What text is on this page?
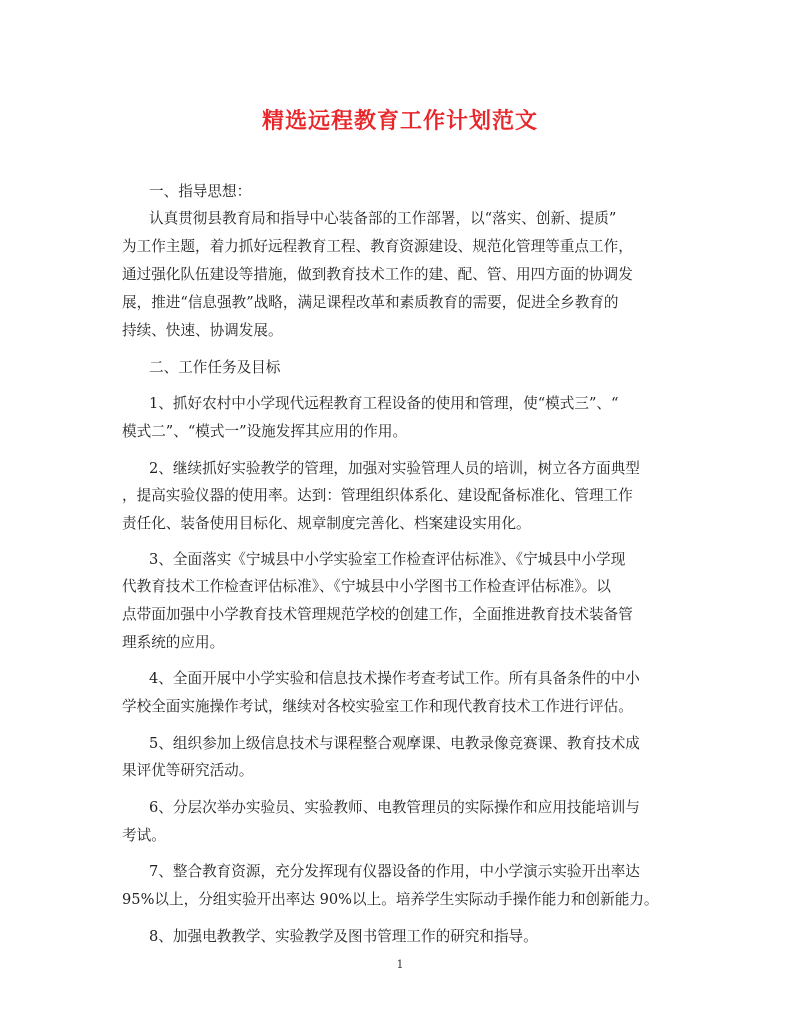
精选远程教育工作计划范文
一、指导思想：
认真贯彻县教育局和指导中心装备部的工作部署，以“落实、创新、提质”
为工作主题，着力抓好远程教育工程、教育资源建设、规范化管理等重点工作，
通过强化队伍建设等措施，做到教育技术工作的建、配、管、用四方面的协调发
展，推进“信息强教”战略，满足课程改革和素质教育的需要，促进全乡教育的
持续、快速、协调发展。
二、工作任务及目标
1、抓好农村中小学现代远程教育工程设备的使用和管理，使“模式三”、“
模式二”、“模式一”设施发挥其应用的作用。
2、继续抓好实验教学的管理，加强对实验管理人员的培训，树立各方面典型
，提高实验仪器的使用率。达到：管理组织体系化、建设配备标准化、管理工作
责任化、装备使用目标化、规章制度完善化、档案建设实用化。
3、全面落实《宁城县中小学实验室工作检查评估标准》、《宁城县中小学现
代教育技术工作检查评估标准》、《宁城县中小学图书工作检查评估标准》。以
点带面加强中小学教育技术管理规范学校的创建工作，全面推进教育技术装备管
理系统的应用。
4、全面开展中小学实验和信息技术操作考查考试工作。所有具备条件的中小
学校全面实施操作考试，继续对各校实验室工作和现代教育技术工作进行评估。
5、组织参加上级信息技术与课程整合观摩课、电教录像竞赛课、教育技术成
果评优等研究活动。
6、分层次举办实验员、实验教师、电教管理员的实际操作和应用技能培训与
考试。
7、整合教育资源，充分发挥现有仪器设备的作用，中小学演示实验开出率达
95%以上，分组实验开出率达 90%以上。培养学生实际动手操作能力和创新能力。
8、加强电教教学、实验教学及图书管理工作的研究和指导。
1
